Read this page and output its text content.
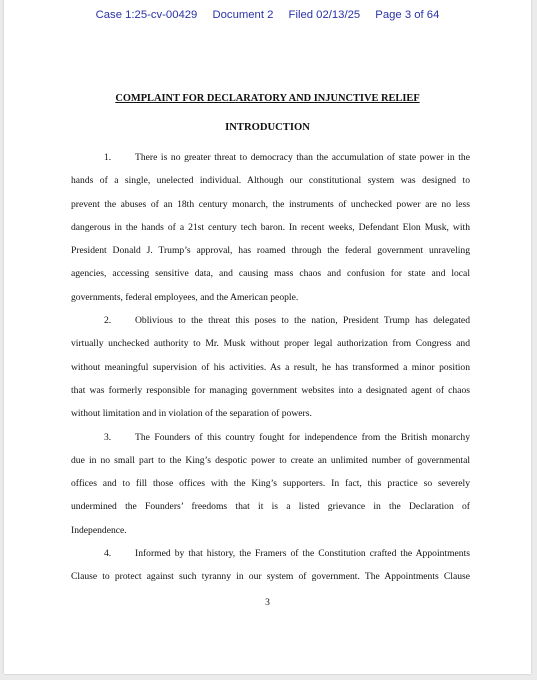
Case 1:25-cv-00429 Document 2 Filed 02/13/25 Page 3 of 64
COMPLAINT FOR DECLARATORY AND INJUNCTIVE RELIEF
INTRODUCTION
1. There is no greater threat to democracy than the accumulation of state power in the
hands of a single, unelected individual. Although our constitutional system was designed to
prevent the abuses of an 18th century monarch, the instruments of unchecked power are no less
dangerous in the hands of a 21st century tech baron. In recent weeks, Defendant Elon Musk, with
President Donald J. Trump’s approval, has roamed through the federal government unraveling
agencies, accessing sensitive data, and causing mass chaos and confusion for state and local
governments, federal employees, and the American people.
2. Oblivious to the threat this poses to the nation, President Trump has delegated
virtually unchecked authority to Mr. Musk without proper legal authorization from Congress and
without meaningful supervision of his activities. As a result, he has transformed a minor position
that was formerly responsible for managing government websites into a designated agent of chaos
without limitation and in violation of the separation of powers.
3. The Founders of this country fought for independence from the British monarchy
due in no small part to the King’s despotic power to create an unlimited number of governmental
offices and to fill those offices with the King’s supporters. In fact, this practice so severely
undermined the Founders’ freedoms that it is a listed grievance in the Declaration of
Independence.
4. Informed by that history, the Framers of the Constitution crafted the Appointments
Clause to protect against such tyranny in our system of government. The Appointments Clause
3
